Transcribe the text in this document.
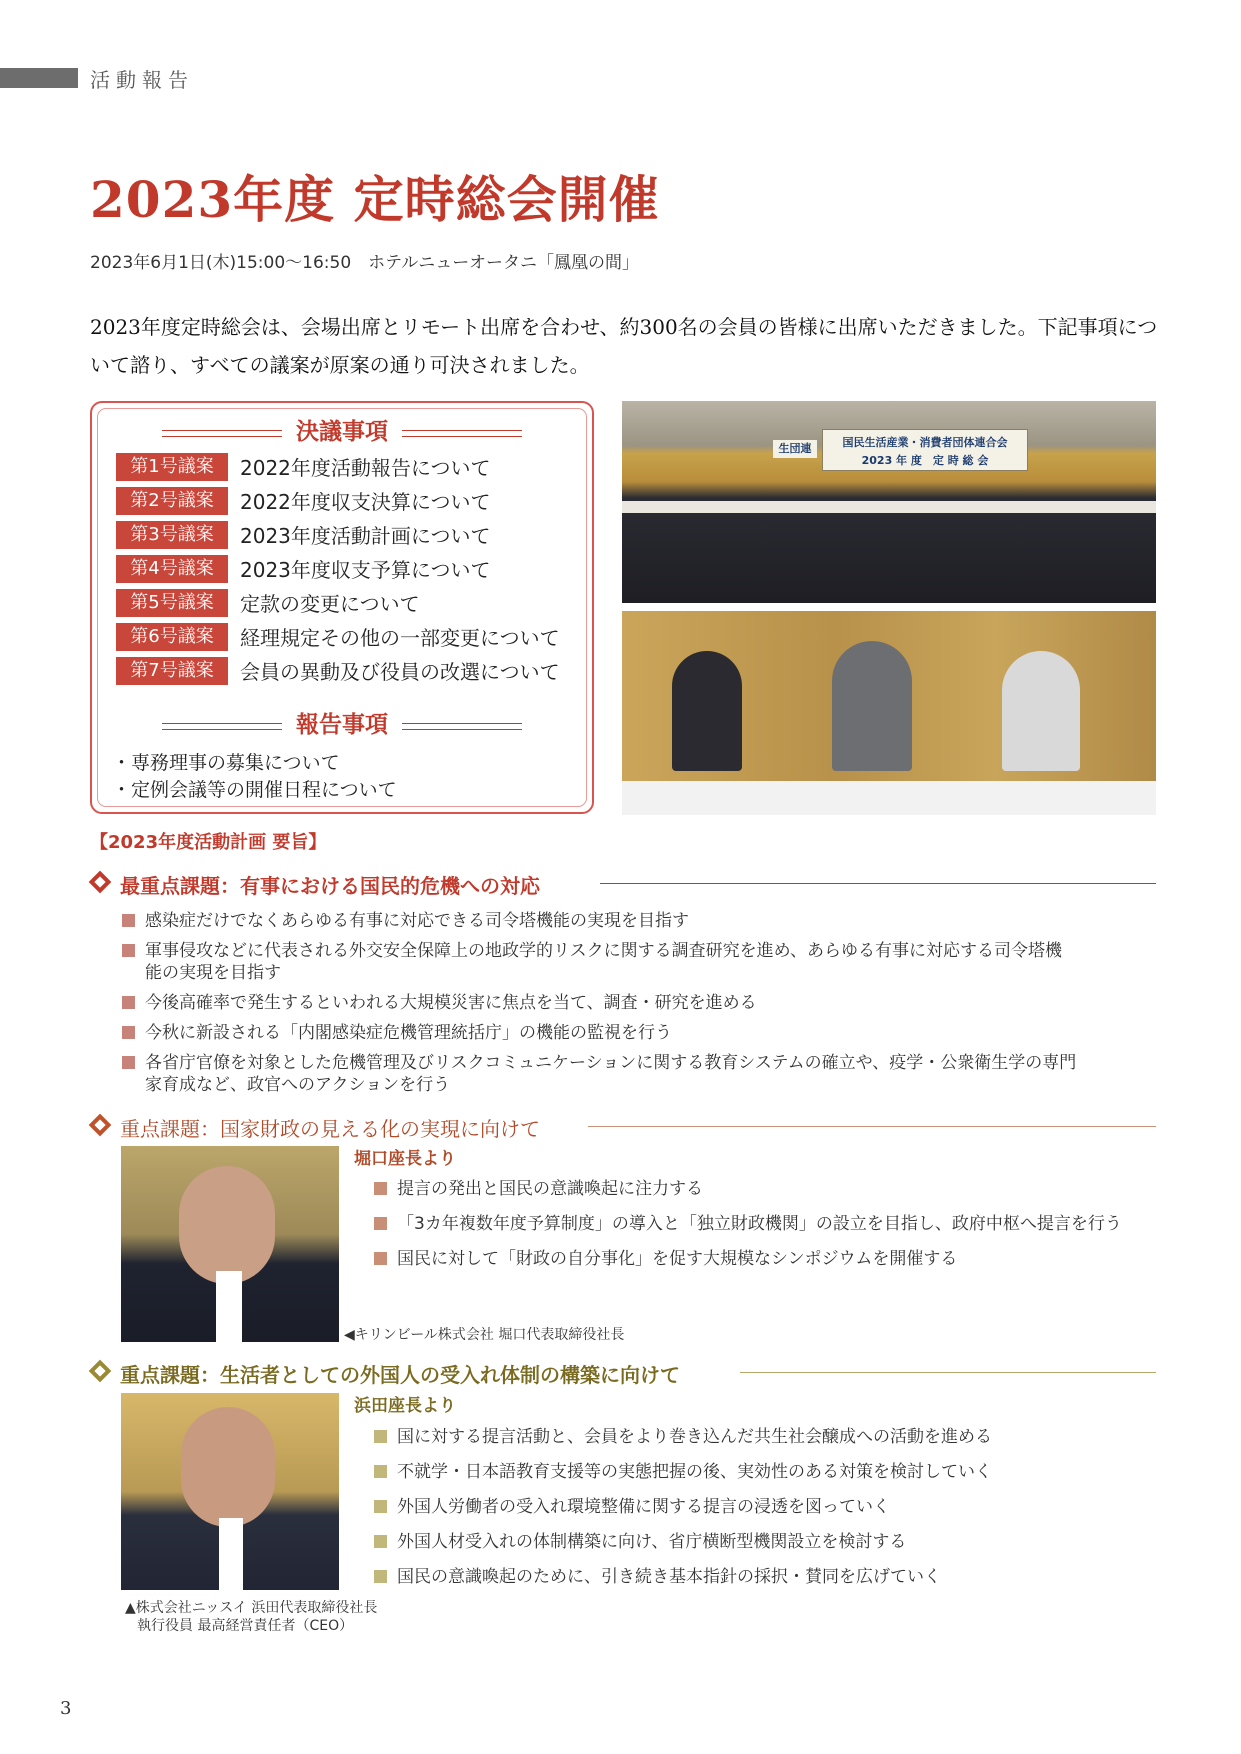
活動報告
2023年度 定時総会開催
2023年6月1日(木)15:00〜16:50　ホテルニューオータニ「鳳凰の間」
2023年度定時総会は、会場出席とリモート出席を合わせ、約300名の会員の皆様に出席いただきました。下記事項について諮り、すべての議案が原案の通り可決されました。
決議事項
第1号議案 2022年度活動報告について
第2号議案 2022年度収支決算について
第3号議案 2023年度活動計画について
第4号議案 2023年度収支予算について
第5号議案 定款の変更について
第6号議案 経理規定その他の一部変更について
第7号議案 会員の異動及び役員の改選について
報告事項
・専務理事の募集について
・定例会議等の開催日程について
生団連	国民生活産業・消費者団体連合会
2023 年 度　定 時 総 会
【2023年度活動計画 要旨】
最重点課題：有事における国民的危機への対応
感染症だけでなくあらゆる有事に対応できる司令塔機能の実現を目指す
軍事侵攻などに代表される外交安全保障上の地政学的リスクに関する調査研究を進め、あらゆる有事に対応する司令塔機
能の実現を目指す
今後高確率で発生するといわれる大規模災害に焦点を当て、調査・研究を進める
今秋に新設される「内閣感染症危機管理統括庁」の機能の監視を行う
各省庁官僚を対象とした危機管理及びリスクコミュニケーションに関する教育システムの確立や、疫学・公衆衛生学の専門
家育成など、政官へのアクションを行う
重点課題：国家財政の見える化の実現に向けて
◀キリンビール株式会社 堀口代表取締役社長
堀口座長より
提言の発出と国民の意識喚起に注力する
「3カ年複数年度予算制度」の導入と「独立財政機関」の設立を目指し、政府中枢へ提言を行う
国民に対して「財政の自分事化」を促す大規模なシンポジウムを開催する
重点課題：生活者としての外国人の受入れ体制の構築に向けて
▲株式会社ニッスイ 浜田代表取締役社長
執行役員 最高経営責任者（CEO）
浜田座長より
国に対する提言活動と、会員をより巻き込んだ共生社会醸成への活動を進める
不就学・日本語教育支援等の実態把握の後、実効性のある対策を検討していく
外国人労働者の受入れ環境整備に関する提言の浸透を図っていく
外国人材受入れの体制構築に向け、省庁横断型機関設立を検討する
国民の意識喚起のために、引き続き基本指針の採択・賛同を広げていく
3
